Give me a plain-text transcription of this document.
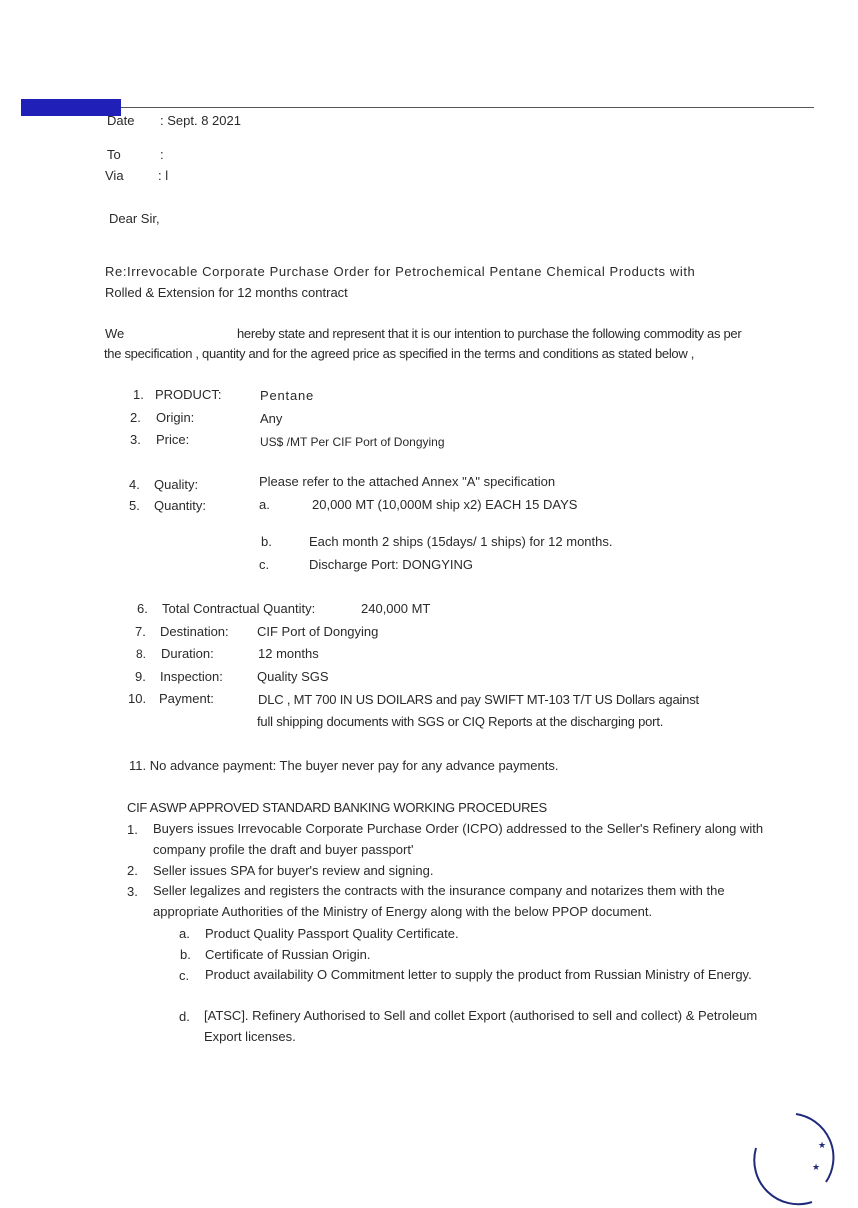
Date : Sept. 8 2021
To	:
Via	: l
Dear Sir,
Re:Irrevocable Corporate Purchase Order for Petrochemical Pentane Chemical Products with
Rolled & Extension for 12 months contract
We	hereby state and represent that it is our intention to purchase the following commodity as per
the specification , quantity and for the agreed price as specified in the terms and conditions as stated below ,
1. PRODUCT:	Pentane
2. Origin:	Any
3. Price:	US$ /MT Per CIF Port of Dongying
4. Quality:	Please refer to the attached Annex "A" specification
5. Quantity:	a.	20,000 MT (10,000M ship x2) EACH 15 DAYS
b.	Each month 2 ships (15days/ 1 ships) for 12 months.
c.	Discharge Port: DONGYING
6. Total Contractual Quantity:	240,000 MT
7. Destination: CIF Port of Dongying
8. Duration:	12 months
9. Inspection:	Quality SGS
10. Payment:	DLC , MT 700 IN US DOILARS and pay SWIFT MT-103 T/T US Dollars against
full shipping documents with SGS or CIQ Reports at the discharging port.
11. No advance payment: The buyer never pay for any advance payments.
CIF ASWP APPROVED STANDARD BANKING WORKING PROCEDURES
1. Buyers issues Irrevocable Corporate Purchase Order (ICPO) addressed to the Seller's Refinery along with company profile the draft and buyer passport'
2. Seller issues SPA for buyer's review and signing.
3. Seller legalizes and registers the contracts with the insurance company and notarizes them with the appropriate Authorities of the Ministry of Energy along with the below PPOP document.
a. Product Quality Passport Quality Certificate.
b. Certificate of Russian Origin.
c. Product availability O Commitment letter to supply the product from Russian Ministry of Energy.
d. [ATSC]. Refinery Authorised to Sell and collet Export (authorised to sell and collect) & Petroleum Export licenses.
★
★
